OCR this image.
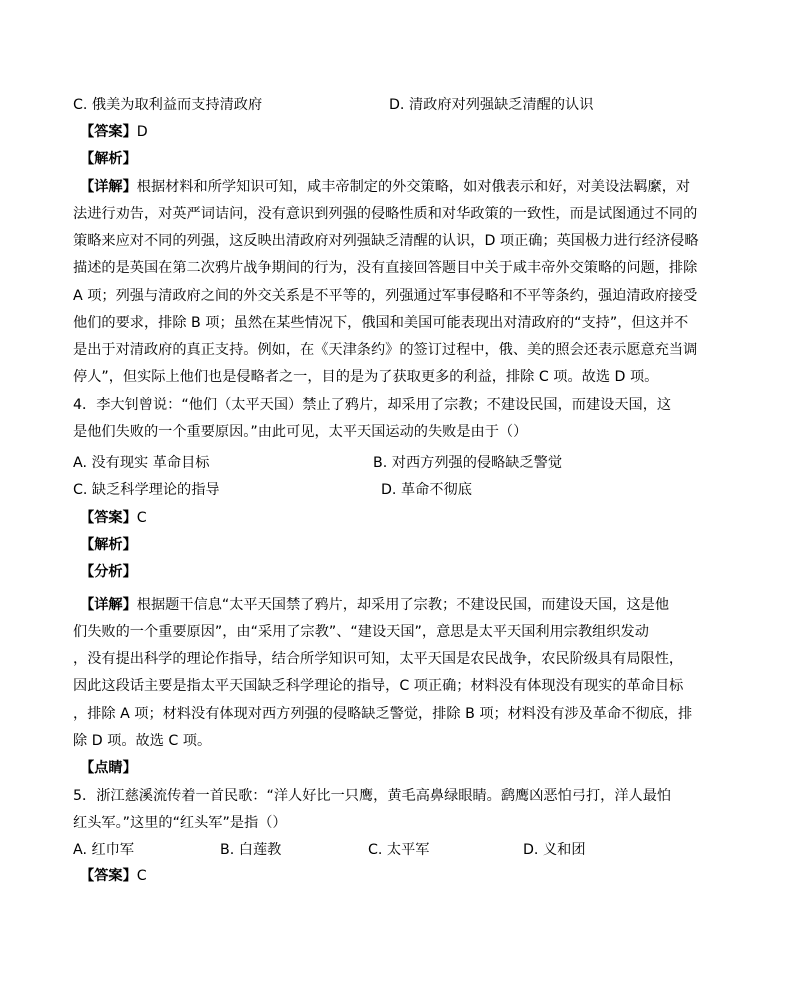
C. 俄美为取利益而支持清政府	D. 清政府对列强缺乏清醒的认识
【答案】D
【解析】
【详解】根据材料和所学知识可知，咸丰帝制定的外交策略，如对俄表示和好，对美设法羁縻，对
法进行劝告，对英严词诘问，没有意识到列强的侵略性质和对华政策的一致性，而是试图通过不同的
策略来应对不同的列强，这反映出清政府对列强缺乏清醒的认识，D 项正确；英国极力进行经济侵略
描述的是英国在第二次鸦片战争期间的行为，没有直接回答题目中关于咸丰帝外交策略的问题，排除
A 项；列强与清政府之间的外交关系是不平等的，列强通过军事侵略和不平等条约，强迫清政府接受
他们的要求，排除 B 项；虽然在某些情况下，俄国和美国可能表现出对清政府的“支持”，但这并不
是出于对清政府的真正支持。例如，在《天津条约》的签订过程中，俄、美的照会还表示愿意充当调
停人”，但实际上他们也是侵略者之一，目的是为了获取更多的利益，排除 C 项。故选 D 项。
4．李大钊曾说：“他们（太平天国）禁止了鸦片，却采用了宗教；不建设民国，而建设天国，这
是他们失败的一个重要原因。”由此可见，太平天国运动的失败是由于（）
A. 没有现实 革命目标	B. 对西方列强的侵略缺乏警觉
C. 缺乏科学理论的指导	D. 革命不彻底
【答案】C
【解析】
【分析】
【详解】根据题干信息“太平天国禁了鸦片，却采用了宗教；不建设民国，而建设天国，这是他
们失败的一个重要原因”，由“采用了宗教”、“建设天国”，意思是太平天国利用宗教组织发动
，没有提出科学的理论作指导，结合所学知识可知，太平天国是农民战争，农民阶级具有局限性，
因此这段话主要是指太平天国缺乏科学理论的指导，C 项正确；材料没有体现没有现实的革命目标
，排除 A 项；材料没有体现对西方列强的侵略缺乏警觉，排除 B 项；材料没有涉及革命不彻底，排
除 D 项。故选 C 项。
【点睛】
5．浙江慈溪流传着一首民歌：“洋人好比一只鹰，黄毛高鼻绿眼睛。鹞鹰凶恶怕弓打，洋人最怕
红头军。”这里的“红头军”是指（）
A. 红巾军	B. 白莲教	C. 太平军	D. 义和团
【答案】C
